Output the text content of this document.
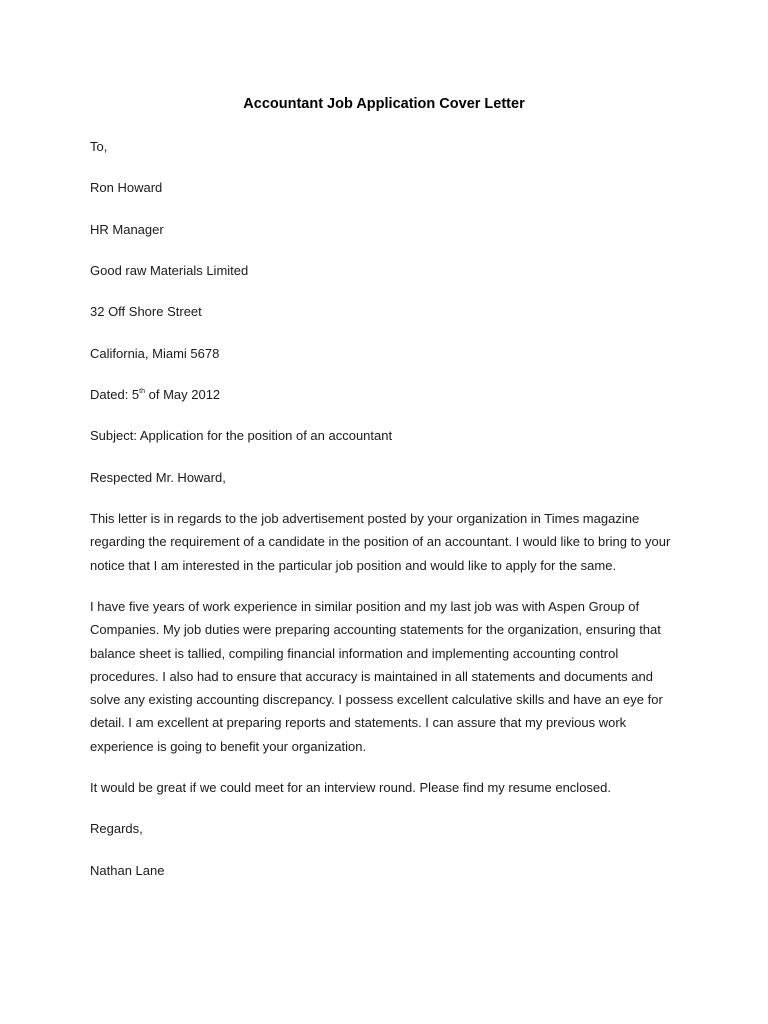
Accountant Job Application Cover Letter
To,
Ron Howard
HR Manager
Good raw Materials Limited
32 Off Shore Street
California, Miami 5678
Dated: 5th of May 2012
Subject: Application for the position of an accountant
Respected Mr. Howard,
This letter is in regards to the job advertisement posted by your organization in Times magazine
regarding the requirement of a candidate in the position of an accountant. I would like to bring to your
notice that I am interested in the particular job position and would like to apply for the same.
I have five years of work experience in similar position and my last job was with Aspen Group of
Companies. My job duties were preparing accounting statements for the organization, ensuring that
balance sheet is tallied, compiling financial information and implementing accounting control
procedures. I also had to ensure that accuracy is maintained in all statements and documents and
solve any existing accounting discrepancy. I possess excellent calculative skills and have an eye for
detail. I am excellent at preparing reports and statements. I can assure that my previous work
experience is going to benefit your organization.
It would be great if we could meet for an interview round. Please find my resume enclosed.
Regards,
Nathan Lane
